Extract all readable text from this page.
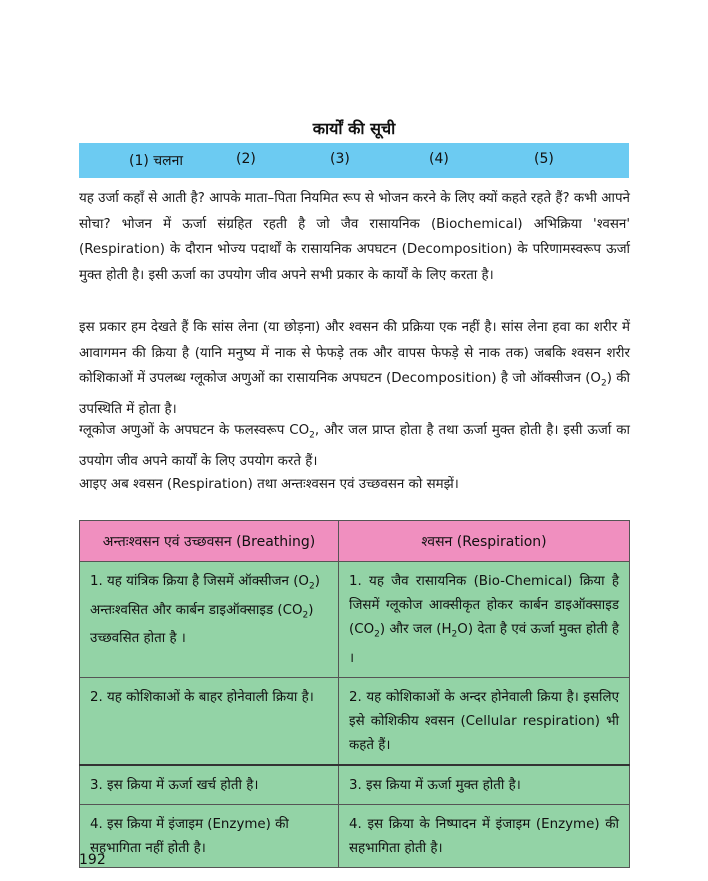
कार्यों की सूची
(1) चलना	(2)	(3)	(4)	(5)

यह उर्जा कहाँ से आती है? आपके माता–पिता नियमित रूप से भोजन करने के लिए क्यों कहते रहते हैं? कभी आपने सोचा? भोजन में ऊर्जा संग्रहित रहती है जो जैव रासायनिक (Biochemical) अभिक्रिया 'श्वसन' (Respiration) के दौरान भोज्य पदार्थों के रासायनिक अपघटन (Decomposition) के परिणामस्वरूप ऊर्जा मुक्त होती है। इसी ऊर्जा का उपयोग जीव अपने सभी प्रकार के कार्यों के लिए करता है।

इस प्रकार हम देखते हैं कि सांस लेना (या छोड़ना) और श्वसन की प्रक्रिया एक नहीं है। सांस लेना हवा का शरीर में आवागमन की क्रिया है (यानि मनुष्य में नाक से फेफड़े तक और वापस फेफड़े से नाक तक) जबकि श्वसन शरीर कोशिकाओं में उपलब्ध ग्लूकोज अणुओं का रासायनिक अपघटन (Decomposition) है जो ऑक्सीजन $(O_2)$ की उपस्थिति में होता है।

ग्लूकोज अणुओं के अपघटन के फलस्वरूप $CO_2$, और जल प्राप्त होता है तथा ऊर्जा मुक्त होती है। इसी ऊर्जा का उपयोग जीव अपने कार्यों के लिए उपयोग करते हैं।

आइए अब श्वसन (Respiration) तथा अन्तःश्वसन एवं उच्छवसन को समझें।

अन्तःश्वसन एवं उच्छवसन (Breathing)	श्वसन (Respiration)
1. यह यांत्रिक क्रिया है जिसमें ऑक्सीजन $(O_2)$ अन्तःश्वसित और कार्बन डाइऑक्साइड $(CO_2)$ उच्छवसित होता है ।	1. यह जैव रासायनिक (Bio-Chemical) क्रिया है जिसमें ग्लूकोज आक्सीकृत होकर कार्बन डाइऑक्साइड $(CO_2)$ और जल $(H_2O)$ देता है एवं ऊर्जा मुक्त होती है ।
2. यह कोशिकाओं के बाहर होनेवाली क्रिया है।	2. यह कोशिकाओं के अन्दर होनेवाली क्रिया है। इसलिए इसे कोशिकीय श्वसन (Cellular respiration) भी कहते हैं।
3. इस क्रिया में ऊर्जा खर्च होती है।	3. इस क्रिया में ऊर्जा मुक्त होती है।
4. इस क्रिया में इंजाइम (Enzyme) की सहभागिता नहीं होती है।	4. इस क्रिया के निष्पादन में इंजाइम (Enzyme) की सहभागिता होती है।
192
